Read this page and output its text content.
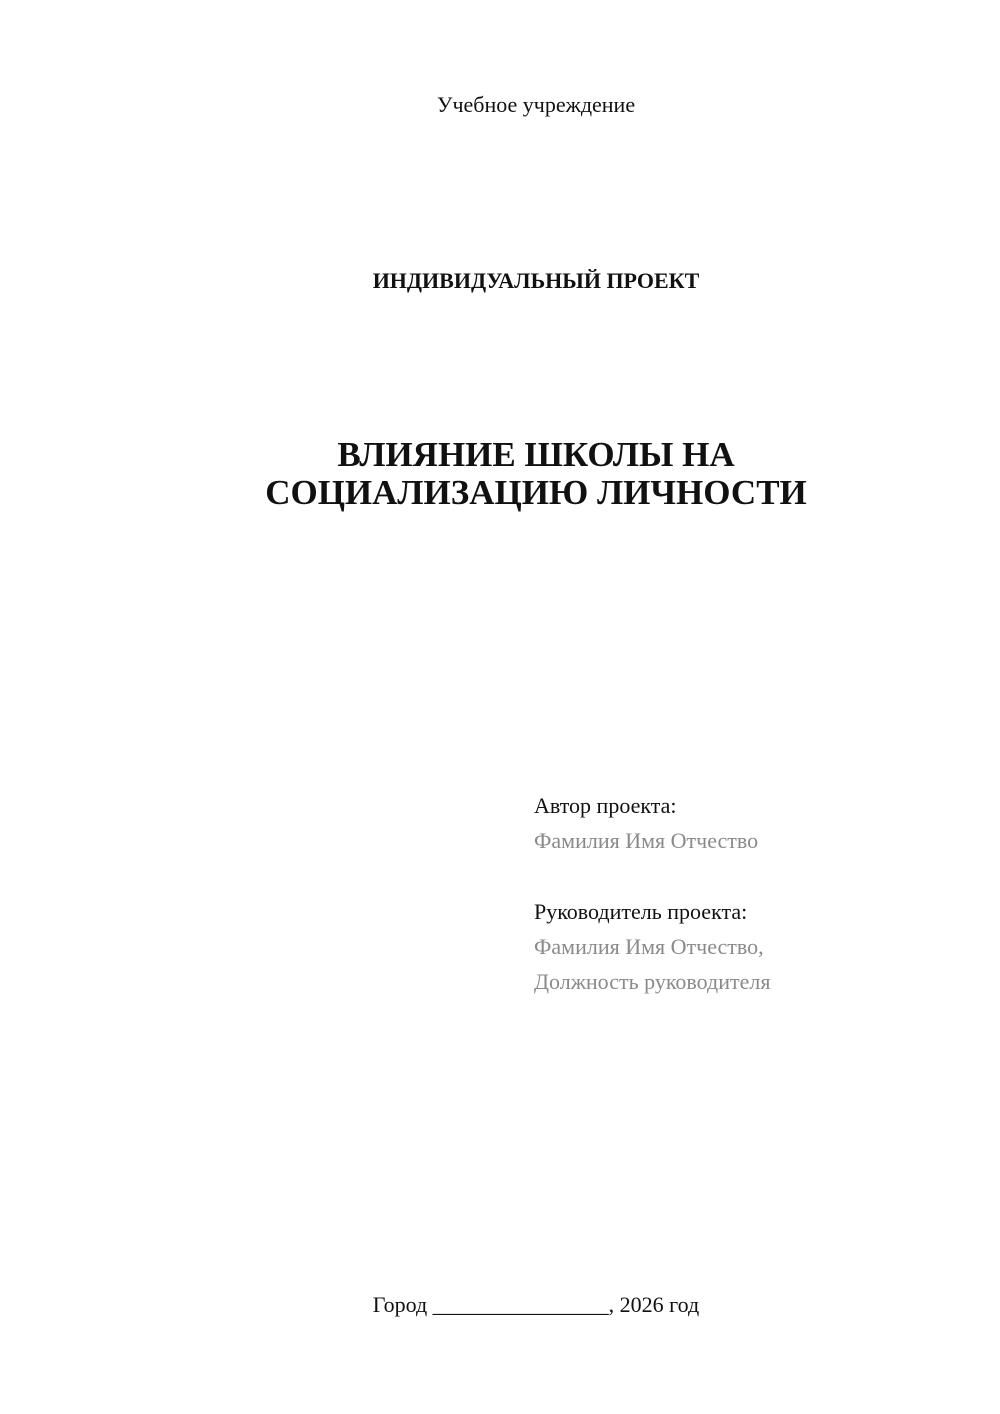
Учебное учреждение
ИНДИВИДУАЛЬНЫЙ ПРОЕКТ
ВЛИЯНИЕ ШКОЛЫ НА
СОЦИАЛИЗАЦИЮ ЛИЧНОСТИ
Автор проекта:
Фамилия Имя Отчество
Руководитель проекта:
Фамилия Имя Отчество,
Должность руководителя
Город ________________, 2026 год
